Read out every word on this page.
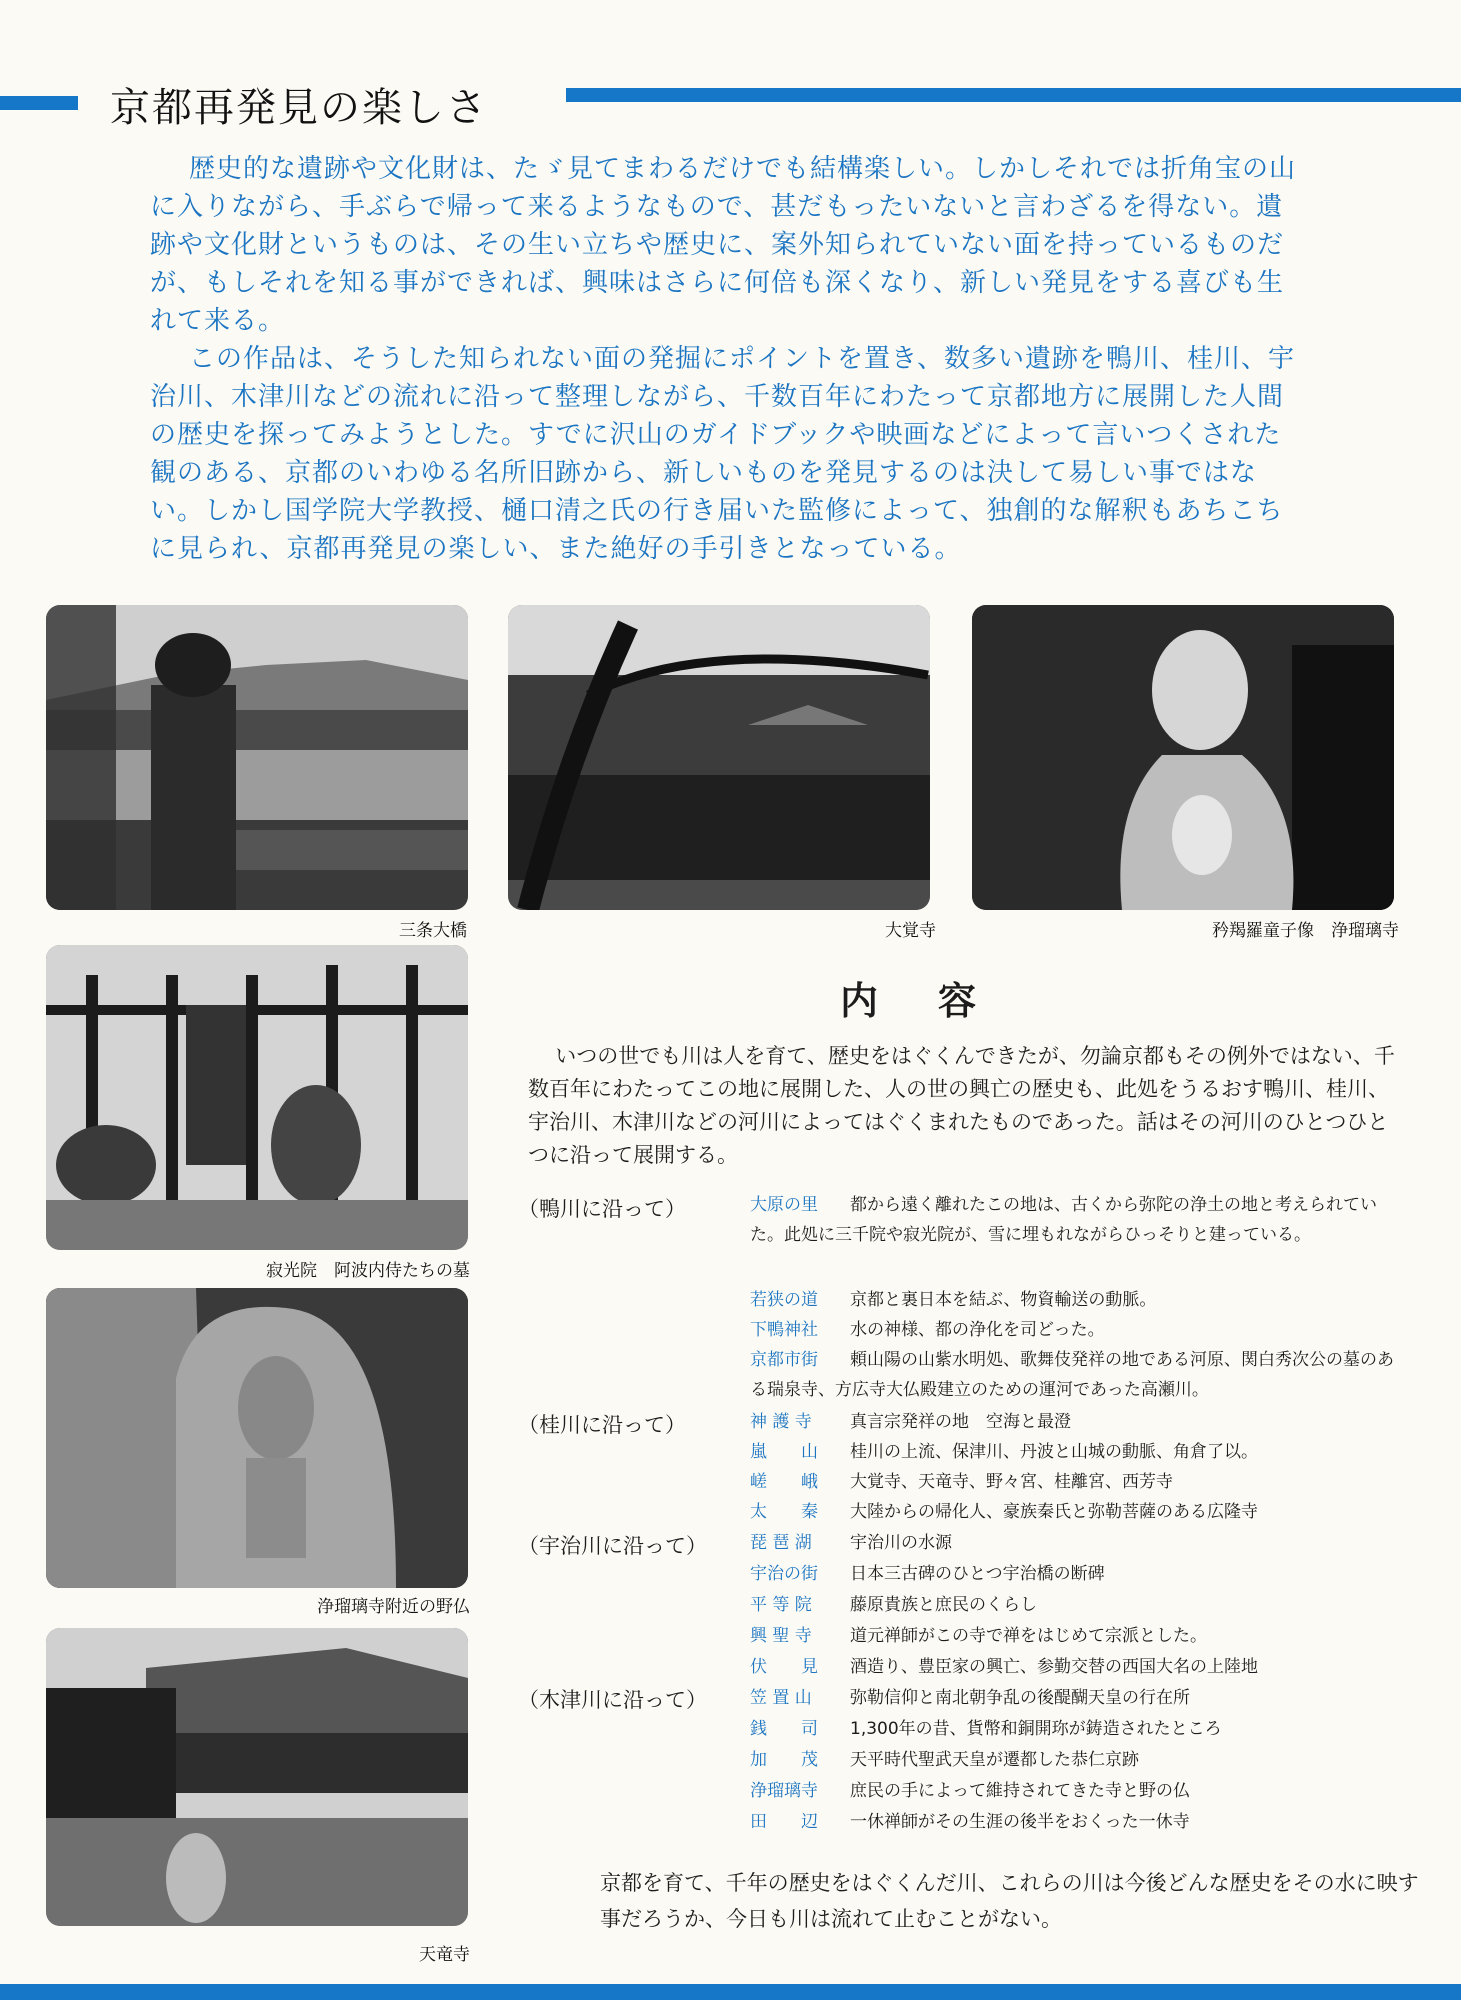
京都再発見の楽しさ

歴史的な遺跡や文化財は、たゞ見てまわるだけでも結構楽しい。しかしそれでは折角宝の山に入りながら、手ぶらで帰って来るようなもので、甚だもったいないと言わざるを得ない。遺跡や文化財というものは、その生い立ちや歴史に、案外知られていない面を持っているものだが、もしそれを知る事ができれば、興味はさらに何倍も深くなり、新しい発見をする喜びも生れて来る。

この作品は、そうした知られない面の発掘にポイントを置き、数多い遺跡を鴨川、桂川、宇治川、木津川などの流れに沿って整理しながら、千数百年にわたって京都地方に展開した人間の歴史を探ってみようとした。すでに沢山のガイドブックや映画などによって言いつくされた観のある、京都のいわゆる名所旧跡から、新しいものを発見するのは決して易しい事ではない。しかし国学院大学教授、樋口清之氏の行き届いた監修によって、独創的な解釈もあちこちに見られ、京都再発見の楽しい、また絶好の手引きとなっている。

三条大橋	大覚寺	矜羯羅童子像　浄瑠璃寺
寂光院　阿波内侍たちの墓
浄瑠璃寺附近の野仏
天竜寺
内容

いつの世でも川は人を育て、歴史をはぐくんできたが、勿論京都もその例外ではない、千数百年にわたってこの地に展開した、人の世の興亡の歴史も、此処をうるおす鴨川、桂川、宇治川、木津川などの河川によってはぐくまれたものであった。話はその河川のひとつひとつに沿って展開する。

（鴨川に沿って）
（桂川に沿って）
（宇治川に沿って）
（木津川に沿って）
大原の里 都から遠く離れたこの地は、古くから弥陀の浄土の地と考えられていた。此処に三千院や寂光院が、雪に埋もれながらひっそりと建っている。
若狭の道 京都と裏日本を結ぶ、物資輸送の動脈。
下鴨神社 水の神様、都の浄化を司どった。
京都市街 頼山陽の山紫水明処、歌舞伎発祥の地である河原、関白秀次公の墓のある瑞泉寺、方広寺大仏殿建立のための運河であった高瀬川。
神 護 寺 真言宗発祥の地　空海と最澄
嵐　　山 桂川の上流、保津川、丹波と山城の動脈、角倉了以。
嵯　　峨 大覚寺、天竜寺、野々宮、桂離宮、西芳寺
太　　秦 大陸からの帰化人、豪族秦氏と弥勒菩薩のある広隆寺
琵 琶 湖 宇治川の水源
宇治の街 日本三古碑のひとつ宇治橋の断碑
平 等 院 藤原貴族と庶民のくらし
興 聖 寺 道元禅師がこの寺で禅をはじめて宗派とした。
伏　　見 酒造り、豊臣家の興亡、参勤交替の西国大名の上陸地
笠 置 山 弥勒信仰と南北朝争乱の後醍醐天皇の行在所
銭　　司 1,300年の昔、貨幣和銅開珎が鋳造されたところ
加　　茂 天平時代聖武天皇が遷都した恭仁京跡
浄瑠璃寺 庶民の手によって維持されてきた寺と野の仏
田　　辺 一休禅師がその生涯の後半をおくった一休寺
京都を育て、千年の歴史をはぐくんだ川、これらの川は今後どんな歴史をその水に映す事だろうか、今日も川は流れて止むことがない。
